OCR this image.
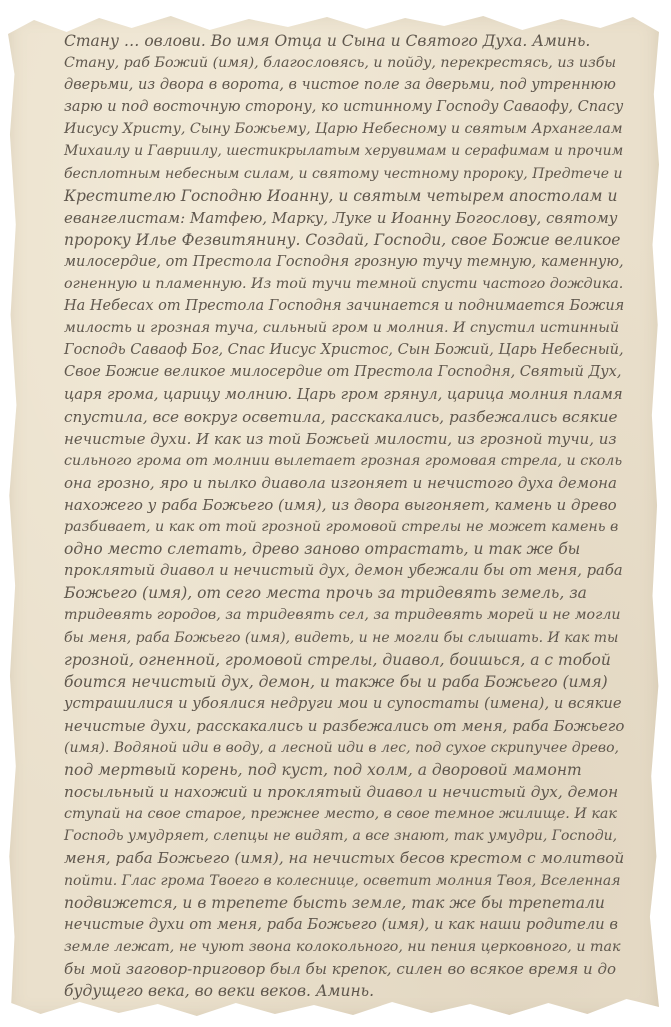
Стану … овлови. Во имя Отца и Сына и Святого Духа. Аминь.
Стану, раб Божий (имя), благословясь, и пойду, перекрестясь, из избы
дверьми, из двора в ворота, в чистое поле за дверьми, под утреннюю
зарю и под восточную сторону, ко истинному Господу Саваофу, Спасу
Иисусу Христу, Сыну Божьему, Царю Небесному и святым Архангелам
Михаилу и Гавриилу, шестикрылатым херувимам и серафимам и прочим
бесплотным небесным силам, и святому честному пророку, Предтече и
Крестителю Господню Иоанну, и святым четырем апостолам и
евангелистам: Матфею, Марку, Луке и Иоанну Богослову, святому
пророку Илье Фезвитянину. Создай, Господи, свое Божие великое
милосердие, от Престола Господня грозную тучу темную, каменную,
огненную и пламенную. Из той тучи темной спусти частого дождика.
На Небесах от Престола Господня зачинается и поднимается Божия
милость и грозная туча, сильный гром и молния. И спустил истинный
Господь Саваоф Бог, Спас Иисус Христос, Сын Божий, Царь Небесный,
Свое Божие великое милосердие от Престола Господня, Святый Дух,
царя грома, царицу молнию. Царь гром грянул, царица молния пламя
спустила, все вокруг осветила, расскакались, разбежались всякие
нечистые духи. И как из той Божьей милости, из грозной тучи, из
сильного грома от молнии вылетает грозная громовая стрела, и сколь
она грозно, яро и пылко диавола изгоняет и нечистого духа демона
нахожего у раба Божьего (имя), из двора выгоняет, камень и древо
разбивает, и как от той грозной громовой стрелы не может камень в
одно место слетать, древо заново отрастать, и так же бы
проклятый диавол и нечистый дух, демон убежали бы от меня, раба
Божьего (имя), от сего места прочь за тридевять земель, за
тридевять городов, за тридевять сел, за тридевять морей и не могли
бы меня, раба Божьего (имя), видеть, и не могли бы слышать. И как ты
грозной, огненной, громовой стрелы, диавол, боишься, а с тобой
боится нечистый дух, демон, и также бы и раба Божьего (имя)
устрашилися и убоялися недруги мои и супостаты (имена), и всякие
нечистые духи, расскакались и разбежались от меня, раба Божьего
(имя). Водяной иди в воду, а лесной иди в лес, под сухое скрипучее древо,
под мертвый корень, под куст, под холм, а дворовой мамонт
посыльный и нахожий и проклятый диавол и нечистый дух, демон
ступай на свое старое, прежнее место, в свое темное жилище. И как
Господь умудряет, слепцы не видят, а все знают, так умудри, Господи,
меня, раба Божьего (имя), на нечистых бесов крестом с молитвой
пойти. Глас грома Твоего в колеснице, осветит молния Твоя, Вселенная
подвижется, и в трепете бысть земле, так же бы трепетали
нечистые духи от меня, раба Божьего (имя), и как наши родители в
земле лежат, не чуют звона колокольного, ни пения церковного, и так
бы мой заговор-приговор был бы крепок, силен во всякое время и до
будущего века, во веки веков. Аминь.
